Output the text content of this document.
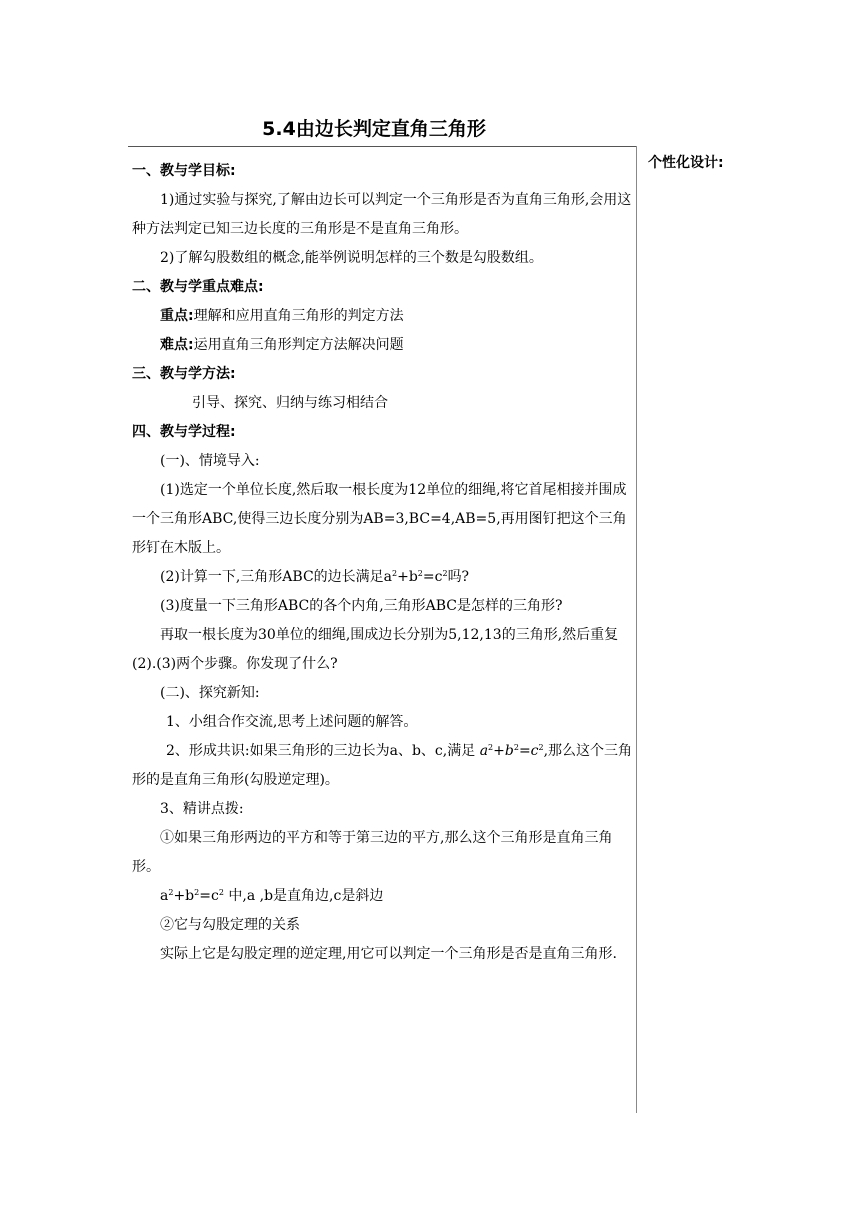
5.4由边长判定直角三角形
个性化设计:

一、教与学目标:

1)通过实验与探究,了解由边长可以判定一个三角形是否为直角三角形,会用这种方法判定已知三边长度的三角形是不是直角三角形。

2)了解勾股数组的概念,能举例说明怎样的三个数是勾股数组。

二、教与学重点难点:

重点:理解和应用直角三角形的判定方法

难点:运用直角三角形判定方法解决问题

三、教与学方法:

引导、探究、归纳与练习相结合

四、教与学过程:

(一)、情境导入:

(1)选定一个单位长度,然后取一根长度为12单位的细绳,将它首尾相接并围成一个三角形ABC,使得三边长度分别为AB=3,BC=4,AB=5,再用图钉把这个三角形钉在木版上。

(2)计算一下,三角形ABC的边长满足$a^2+b^2=c^2$吗?

(3)度量一下三角形ABC的各个内角,三角形ABC是怎样的三角形?

再取一根长度为30单位的细绳,围成边长分别为5,12,13的三角形,然后重复(2).(3)两个步骤。你发现了什么?

(二)、探究新知:

1、小组合作交流,思考上述问题的解答。

2、形成共识:如果三角形的三边长为a、b、c,满足 $a^2+b^2=c^2$,那么这个三角形的是直角三角形(勾股逆定理)。

3、精讲点拨:

①如果三角形两边的平方和等于第三边的平方,那么这个三角形是直角三角形。

$a^2+b^2=c^2$ 中,a ,b是直角边,c是斜边

②它与勾股定理的关系

实际上它是勾股定理的逆定理,用它可以判定一个三角形是否是直角三角形.
